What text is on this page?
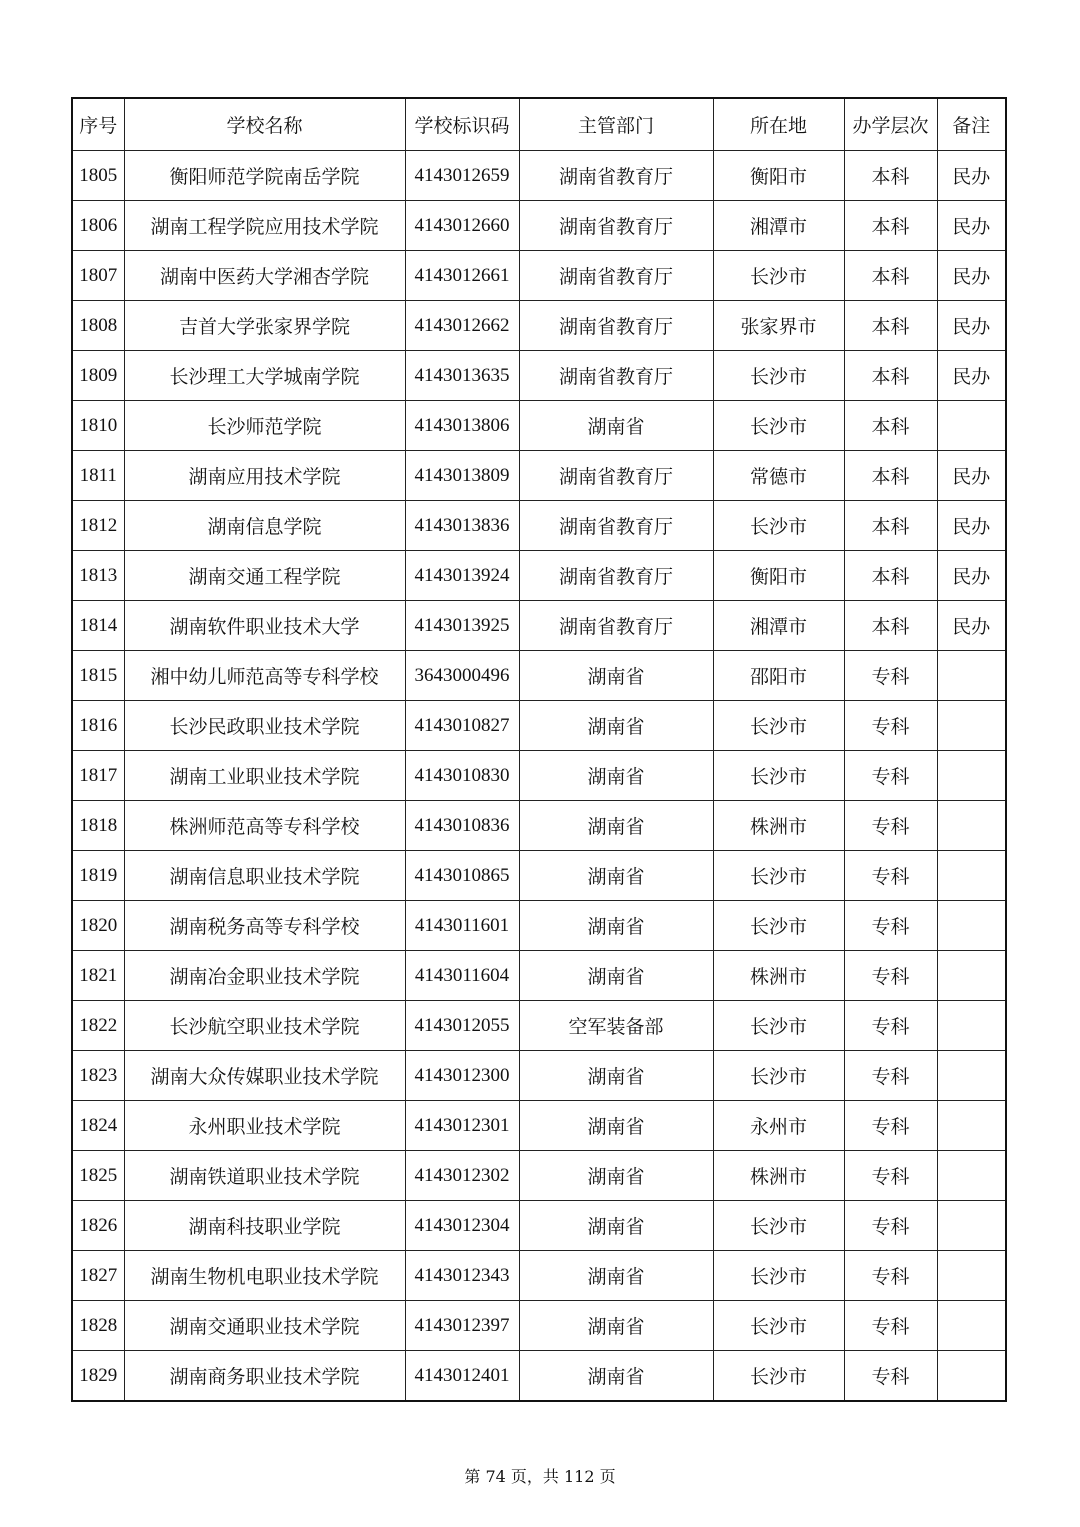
序号	学校名称	学校标识码	主管部门	所在地	办学层次	备注
1805	衡阳师范学院南岳学院	4143012659	湖南省教育厅	衡阳市	本科	民办
1806	湖南工程学院应用技术学院	4143012660	湖南省教育厅	湘潭市	本科	民办
1807	湖南中医药大学湘杏学院	4143012661	湖南省教育厅	长沙市	本科	民办
1808	吉首大学张家界学院	4143012662	湖南省教育厅	张家界市	本科	民办
1809	长沙理工大学城南学院	4143013635	湖南省教育厅	长沙市	本科	民办
1810	长沙师范学院	4143013806	湖南省	长沙市	本科	
1811	湖南应用技术学院	4143013809	湖南省教育厅	常德市	本科	民办
1812	湖南信息学院	4143013836	湖南省教育厅	长沙市	本科	民办
1813	湖南交通工程学院	4143013924	湖南省教育厅	衡阳市	本科	民办
1814	湖南软件职业技术大学	4143013925	湖南省教育厅	湘潭市	本科	民办
1815	湘中幼儿师范高等专科学校	3643000496	湖南省	邵阳市	专科	
1816	长沙民政职业技术学院	4143010827	湖南省	长沙市	专科	
1817	湖南工业职业技术学院	4143010830	湖南省	长沙市	专科	
1818	株洲师范高等专科学校	4143010836	湖南省	株洲市	专科	
1819	湖南信息职业技术学院	4143010865	湖南省	长沙市	专科	
1820	湖南税务高等专科学校	4143011601	湖南省	长沙市	专科	
1821	湖南冶金职业技术学院	4143011604	湖南省	株洲市	专科	
1822	长沙航空职业技术学院	4143012055	空军装备部	长沙市	专科	
1823	湖南大众传媒职业技术学院	4143012300	湖南省	长沙市	专科	
1824	永州职业技术学院	4143012301	湖南省	永州市	专科	
1825	湖南铁道职业技术学院	4143012302	湖南省	株洲市	专科	
1826	湖南科技职业学院	4143012304	湖南省	长沙市	专科	
1827	湖南生物机电职业技术学院	4143012343	湖南省	长沙市	专科	
1828	湖南交通职业技术学院	4143012397	湖南省	长沙市	专科	
1829	湖南商务职业技术学院	4143012401	湖南省	长沙市	专科	
第 74 页，共 112 页
